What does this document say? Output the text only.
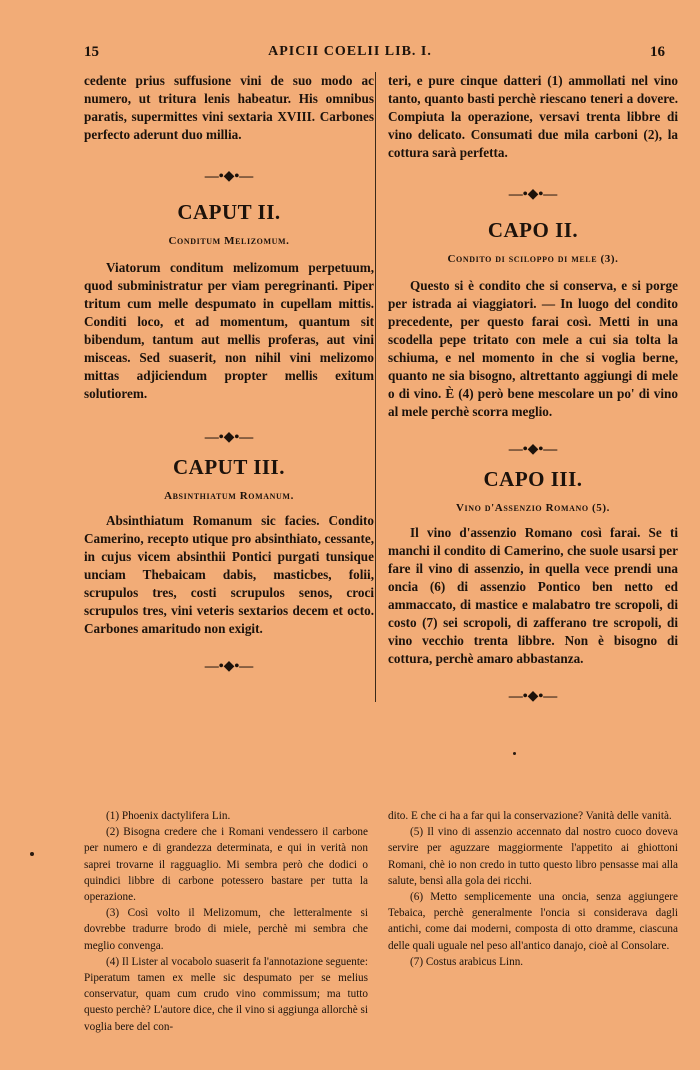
15	APICII COELII LIB. I.	16

cedente prius suffusione vini de suo modo ac numero, ut tritura lenis habeatur. His omnibus paratis, supermittes vini sextaria XVIII. Carbones perfecto aderunt duo millia.

—•◆•—

CAPUT II.

Conditum Melizomum.

Viatorum conditum melizomum perpetuum, quod subministratur per viam peregrinanti. Piper tritum cum melle despumato in cupellam mittis. Conditi loco, et ad momentum, quantum sit bibendum, tantum aut mellis proferas, aut vini misceas. Sed suaserit, non nihil vini melizomo mittas adjiciendum propter mellis exitum solutiorem.

—•◆•—

CAPUT III.

Absinthiatum Romanum.

Absinthiatum Romanum sic facies. Condito Camerino, recepto utique pro absinthiato, cessante, in cujus vicem absinthii Pontici purgati tunsique unciam Thebaicam dabis, masticbes, folii, scrupulos tres, costi scrupulos senos, croci scrupulos tres, vini veteris sextarios decem et octo. Carbones amaritudo non exigit.

—•◆•—

teri, e pure cinque datteri (1) ammollati nel vino tanto, quanto basti perchè riescano teneri a dovere. Compiuta la operazione, versavi trenta libbre di vino delicato. Consumati due mila carboni (2), la cottura sarà perfetta.

—•◆•—

CAPO II.

Condito di sciloppo di mele (3).

Questo si è condito che si conserva, e si porge per istrada ai viaggiatori. — In luogo del condito precedente, per questo farai così. Metti in una scodella pepe tritato con mele a cui sia tolta la schiuma, e nel momento in che si voglia berne, quanto ne sia bisogno, altrettanto aggiungi di mele o di vino. È (4) però bene mescolare un po' di vino al mele perchè scorra meglio.

—•◆•—

CAPO III.

Vino d'Assenzio Romano (5).

Il vino d'assenzio Romano così farai. Se ti manchi il condito di Camerino, che suole usarsi per fare il vino di assenzio, in quella vece prendi una oncia (6) di assenzio Pontico ben netto ed ammaccato, di mastice e malabatro tre scropoli, di costo (7) sei scropoli, di zafferano tre scropoli, di vino vecchio trenta libbre. Non è bisogno di cottura, perchè amaro abbastanza.

—•◆•—

(1) Phoenix dactylifera Lin.

(2) Bisogna credere che i Romani vendessero il carbone per numero e di grandezza determinata, e qui in verità non saprei trovarne il ragguaglio. Mi sembra però che dodici o quindici libbre di carbone potessero bastare per tutta la operazione.

(3) Così volto il Melizomum, che letteralmente si dovrebbe tradurre brodo di miele, perchè mi sembra che meglio convenga.

(4) Il Lister al vocabolo suaserit fa l'annotazione seguente: Piperatum tamen ex melle sic despumato per se melius conservatur, quam cum crudo vino commissum; ma tutto questo perchè? L'autore dice, che il vino si aggiunga allorchè si voglia bere del con-

dito. E che ci ha a far qui la conservazione? Vanità delle vanità.

(5) Il vino di assenzio accennato dal nostro cuoco doveva servire per aguzzare maggiormente l'appetito ai ghiottoni Romani, chè io non credo in tutto questo libro pensasse mai alla salute, bensì alla gola dei ricchi.

(6) Metto semplicemente una oncia, senza aggiungere Tebaica, perchè generalmente l'oncia si considerava dagli antichi, come dai moderni, composta di otto dramme, ciascuna delle quali uguale nel peso all'antico danajo, cioè al Consolare.

(7) Costus arabicus Linn.
